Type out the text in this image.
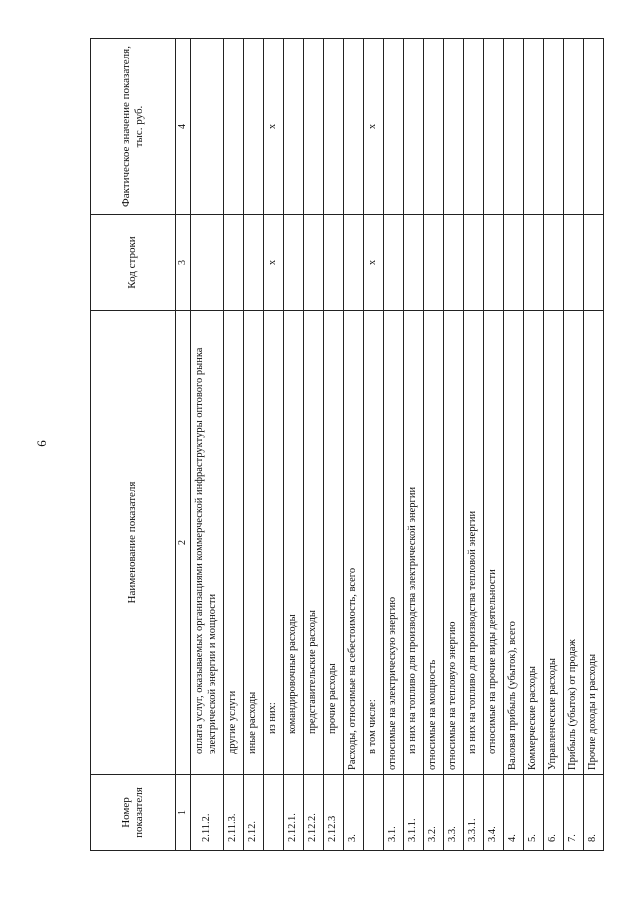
6
Номер показателя	Наименование показателя	Код строки	Фактическое значение показателя, тыс. руб.
1	2	3	4
2.11.2.	оплата услуг, оказываемых организациями коммерческой инфраструктуры оптового рынка электрической энергии и мощности		
2.11.3.	другие услуги		
2.12.	иные расходы		
	из них:	x	x
2.12.1.	командировочные расходы		
2.12.2.	представительские расходы		
2.12.3	прочие расходы		
3.	Расходы, относимые на себестоимость, всего		
	в том числе:	x	x
3.1.	относимые на электрическую энергию		
3.1.1.	из них на топливо для производства электрической энергии		
3.2.	относимые на мощность		
3.3.	относимые на тепловую энергию		
3.3.1.	из них на топливо для производства тепловой энергии		
3.4.	относимые на прочие виды деятельности		
4.	Валовая прибыль (убыток), всего		
5.	Коммерческие расходы		
6.	Управленческие расходы		
7.	Прибыль (убыток) от продаж		
8.	Прочие доходы и расходы		
